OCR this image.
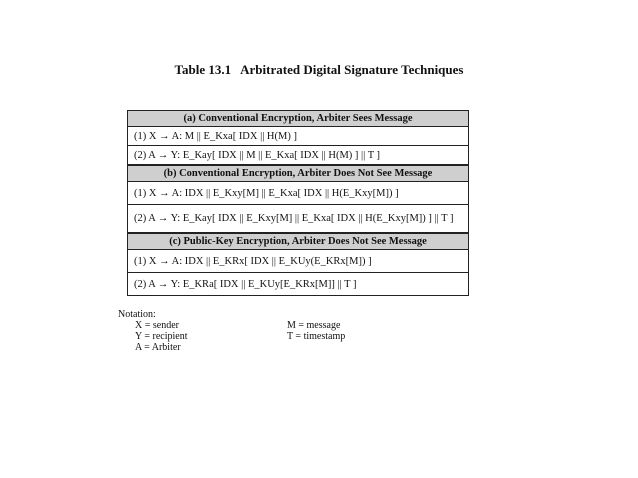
Table 13.1   Arbitrated Digital Signature Techniques
(a) Conventional Encryption, Arbiter Sees Message
(1) X → A: M || E_Kxa[ IDX || H(M) ]
(2) A → Y: E_Kay[ IDX || M || E_Kxa[ IDX || H(M) ] || T ]
(b) Conventional Encryption, Arbiter Does Not See Message
(1) X → A: IDX || E_Kxy[M] || E_Kxa[ IDX || H(E_Kxy[M]) ]
(2) A → Y: E_Kay[ IDX || E_Kxy[M] || E_Kxa[ IDX || H(E_Kxy[M]) ] || T ]
(c) Public-Key Encryption, Arbiter Does Not See Message
(1) X → A: IDX || E_KRx[ IDX || E_KUy(E_KRx[M]) ]
(2) A → Y: E_KRa[ IDX || E_KUy[E_KRx[M]] || T ]
Notation:
X = sender	M = message
Y = recipient	T = timestamp
A = Arbiter
